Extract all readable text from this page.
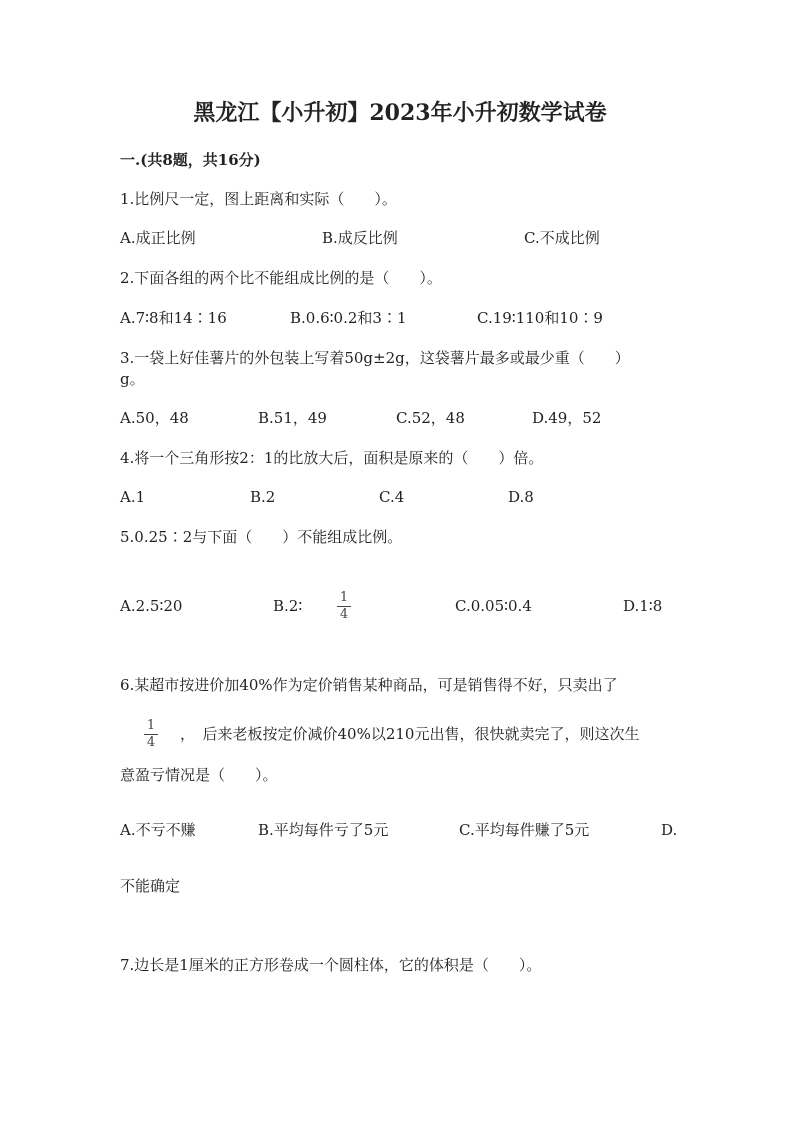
黑龙江【小升初】2023年小升初数学试卷
一.(共8题，共16分)
1.比例尺一定，图上距离和实际（　　）。
A.成正比例	B.成反比例	C.不成比例
2.下面各组的两个比不能组成比例的是（　　）。
A.7∶8和14∶16	B.0.6∶0.2和3∶1	C.19∶110和10∶9
3.一袋上好佳薯片的外包装上写着50g±2g，这袋薯片最多或最少重（　　）
g。
A.50，48	B.51，49	C.52，48	D.49，52
4.将一个三角形按2：1的比放大后，面积是原来的（　　）倍。
A.1	B.2	C.4	D.8
5.0.25∶2与下面（　　）不能组成比例。
A.2.5∶20	B.2∶	1
4	C.0.05∶0.4	D.1∶8
6.某超市按进价加40%作为定价销售某种商品，可是销售得不好，只卖出了
1
4 ，　后来老板按定价减价40%以210元出售，很快就卖完了，则这次生
意盈亏情况是（　　）。
A.不亏不赚	B.平均每件亏了5元	C.平均每件赚了5元	D.
不能确定
7.边长是1厘米的正方形卷成一个圆柱体，它的体积是（　　）。
